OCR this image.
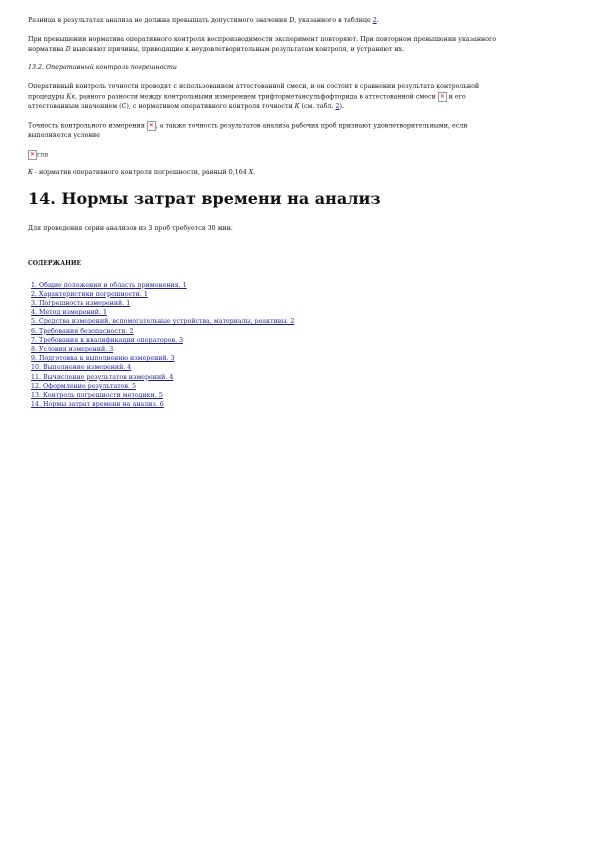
Разница в результатах анализа не должна превышать допустимого значения D, указанного в таблице 2.

При превышении норматива оперативного контроля воспроизводимости эксперимент повторяют. При повторном превышении указанного
норматива D выясняют причины, приводящие к неудовлетворительным результатам контроля, и устраняют их.

13.2. Оперативный контроль погрешности

Оперативный контроль точности проводят с использованием аттестованной смеси, и он состоит в сравнении результата контрольной
процедуры Кк, равного разности между контрольными измерением трифторметансульфофторида в аттестованной смеси ✕ и его
аттестованным значением (С), с нормативом оперативного контроля точности К (см. табл. 2).

Точность контрольного измерения ✕, а также точность результатов анализа рабочих проб признают удовлетворительными, если
выполняется условие

✕ГПВ

К - норматив оперативного контроля погрешности, равный 0,164 Х.

14. Нормы затрат времени на анализ

Для проведения серии анализов из 3 проб требуется 30 мин.

СОДЕРЖАНИЕ
1. Общие положения и область применения. 1
2. Характеристики погрешности. 1
3. Погрешность измерений. 1
4. Метод измерений. 1
5. Средства измерений, вспомогательные устройства, материалы, реактивы. 2
6. Требования безопасности. 2
7. Требования к квалификации операторов. 3
8. Условия измерений. 3
9. Подготовка к выполнению измерений. 3
10. Выполнение измерений. 4
11. Вычисление результатов измерений. 4
12. Оформление результатов. 5
13. Контроль погрешности методики. 5
14. Нормы затрат времени на анализ. 6
